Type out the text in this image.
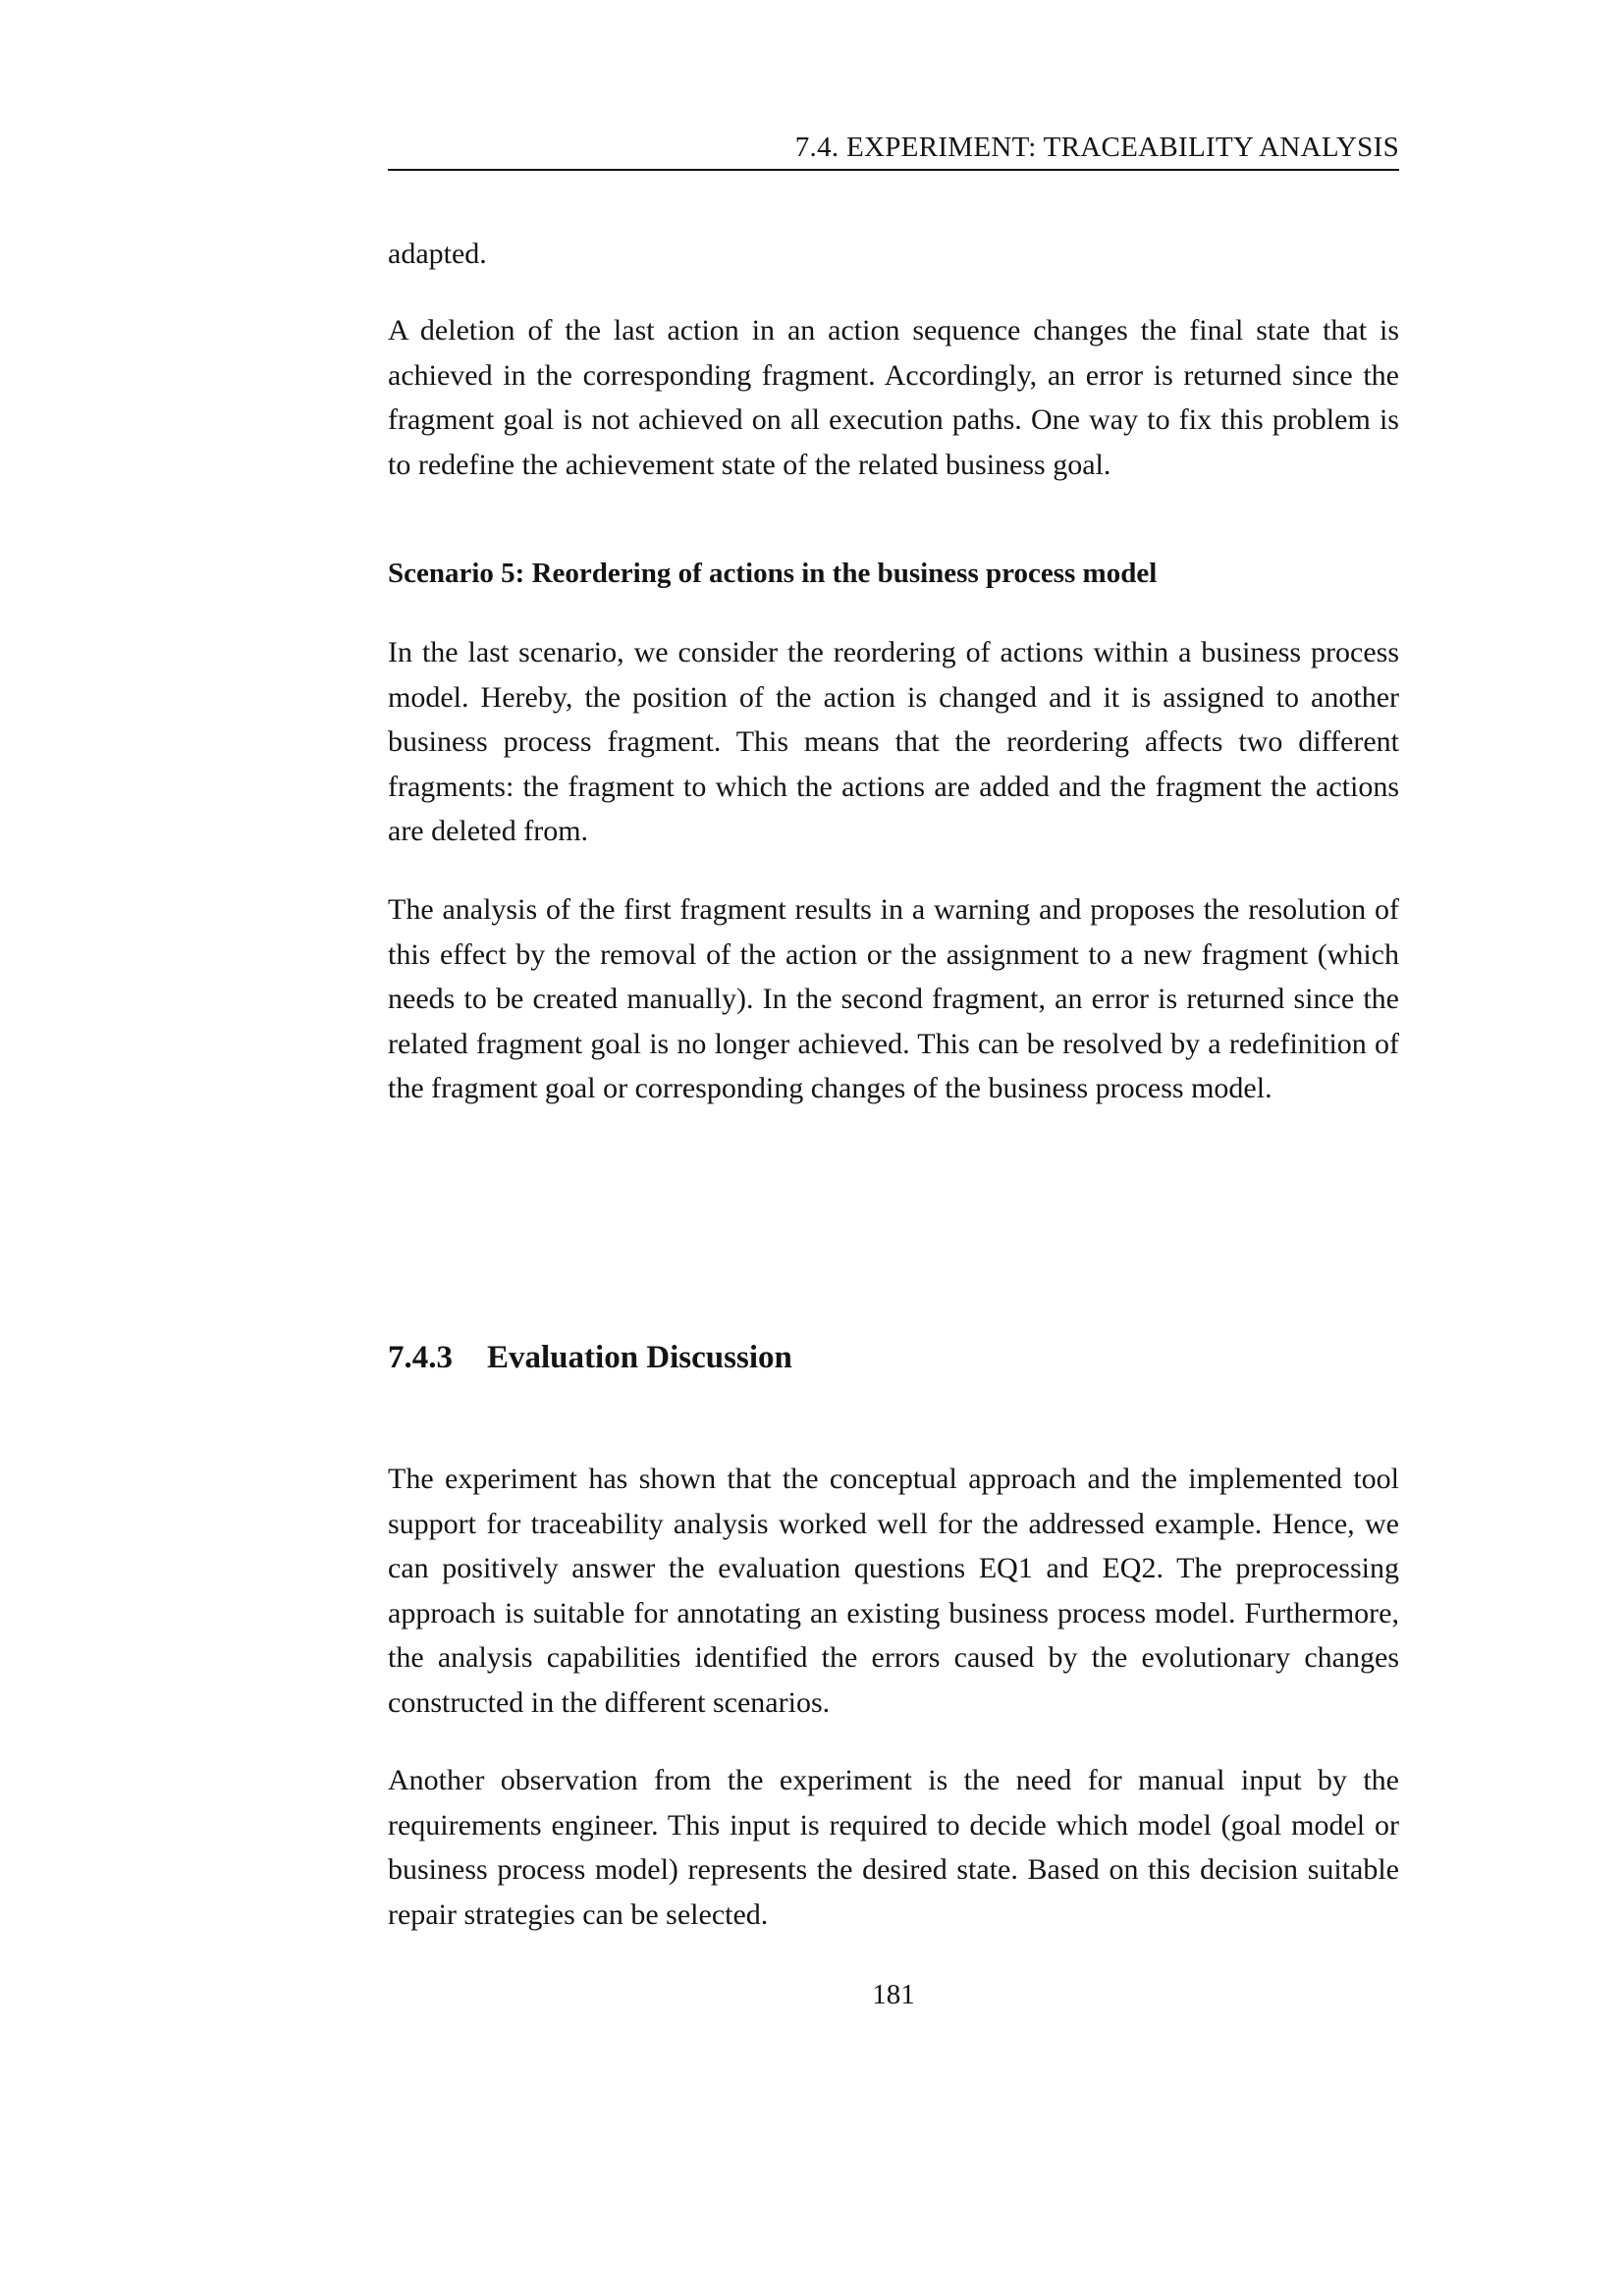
7.4. EXPERIMENT: TRACEABILITY ANALYSIS

adapted.

A deletion of the last action in an action sequence changes the final state that is achieved in the corresponding fragment. Accordingly, an error is returned since the fragment goal is not achieved on all execution paths. One way to fix this problem is to redefine the achievement state of the related business goal.

Scenario 5: Reordering of actions in the business process model

In the last scenario, we consider the reordering of actions within a business process model. Hereby, the position of the action is changed and it is assigned to another business process fragment. This means that the reordering affects two different fragments: the fragment to which the actions are added and the fragment the actions are deleted from.

The analysis of the first fragment results in a warning and proposes the resolution of this effect by the removal of the action or the assignment to a new fragment (which needs to be created manually). In the second fragment, an error is returned since the related fragment goal is no longer achieved. This can be resolved by a redefinition of the fragment goal or corresponding changes of the business process model.

7.4.3 Evaluation Discussion

The experiment has shown that the conceptual approach and the implemented tool support for traceability analysis worked well for the addressed example. Hence, we can positively answer the evaluation questions EQ1 and EQ2. The preprocessing approach is suitable for annotating an existing business process model. Furthermore, the analysis capabilities identified the errors caused by the evolutionary changes constructed in the different scenarios.

Another observation from the experiment is the need for manual input by the requirements engineer. This input is required to decide which model (goal model or business process model) represents the desired state. Based on this decision suitable repair strategies can be selected.

181
